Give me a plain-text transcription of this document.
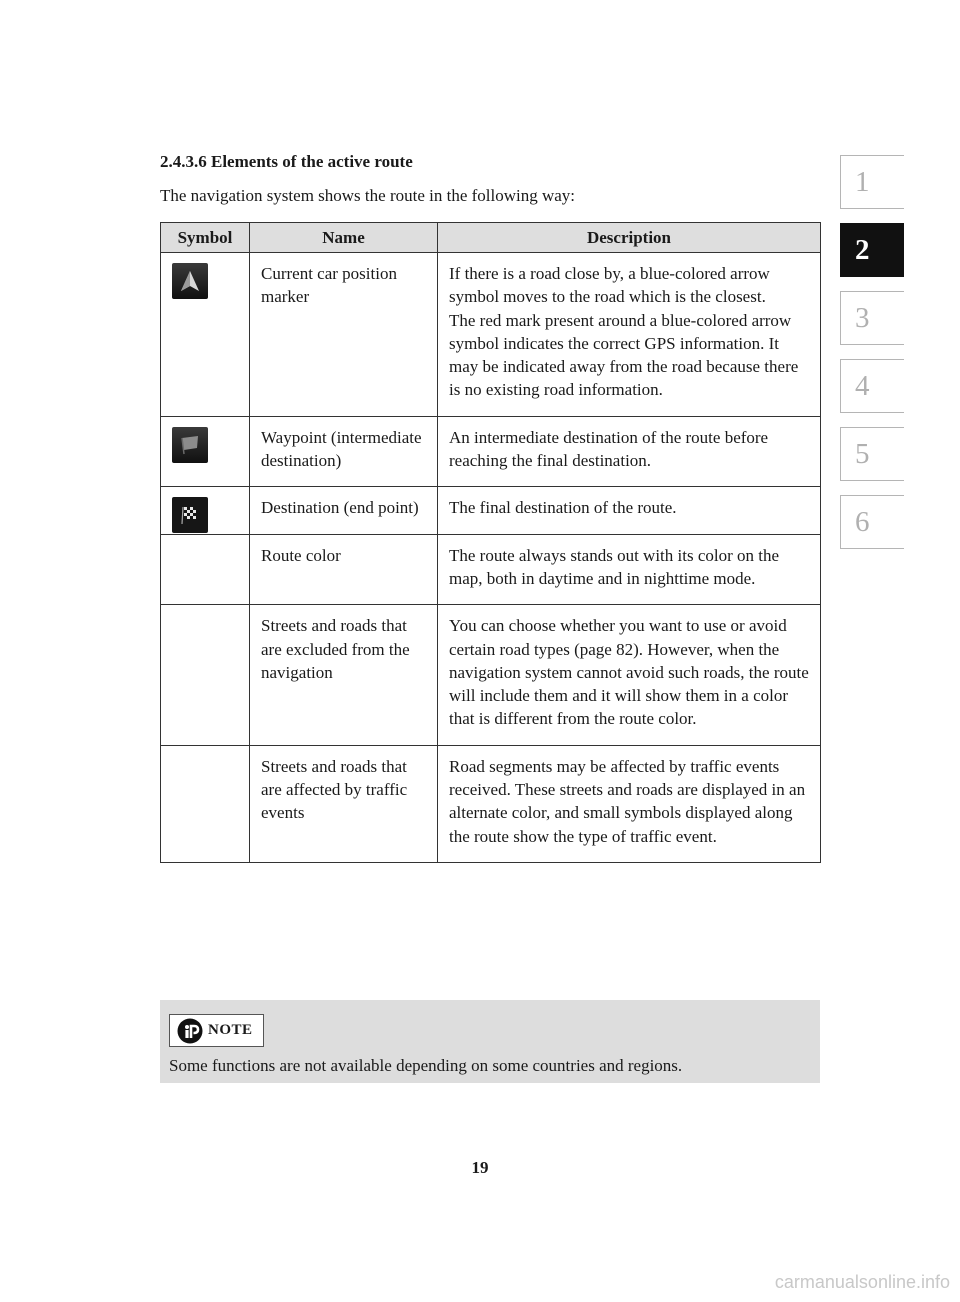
2.4.3.6 Elements of the active route

The navigation system shows the route in the following way:

Symbol	Name	Description

	Current car position marker	If there is a road close by, a blue-colored arrow symbol moves to the road which is the closest.
The red mark present around a blue-colored arrow symbol indicates the correct GPS information. It may be indicated away from the road because there is no existing road information.

	Waypoint (intermediate destination)	An intermediate destination of the route before reaching the final destination.

	Destination (end point)	The final destination of the route.
	Route color	The route always stands out with its color on the map, both in daytime and in nighttime mode.
	Streets and roads that are excluded from the navigation	You can choose whether you want to use or avoid certain road types (page 82). However, when the navigation system cannot avoid such roads, the route will include them and it will show them in a color that is different from the route color.
	Streets and roads that are affected by traffic events	Road segments may be affected by traffic events received. These streets and roads are displayed in an alternate color, and small symbols displayed along the route show the type of traffic event.
1
2
3
4
5
6
NOTE

Some functions are not available depending on some countries and regions.

19
carmanualsonline.info
